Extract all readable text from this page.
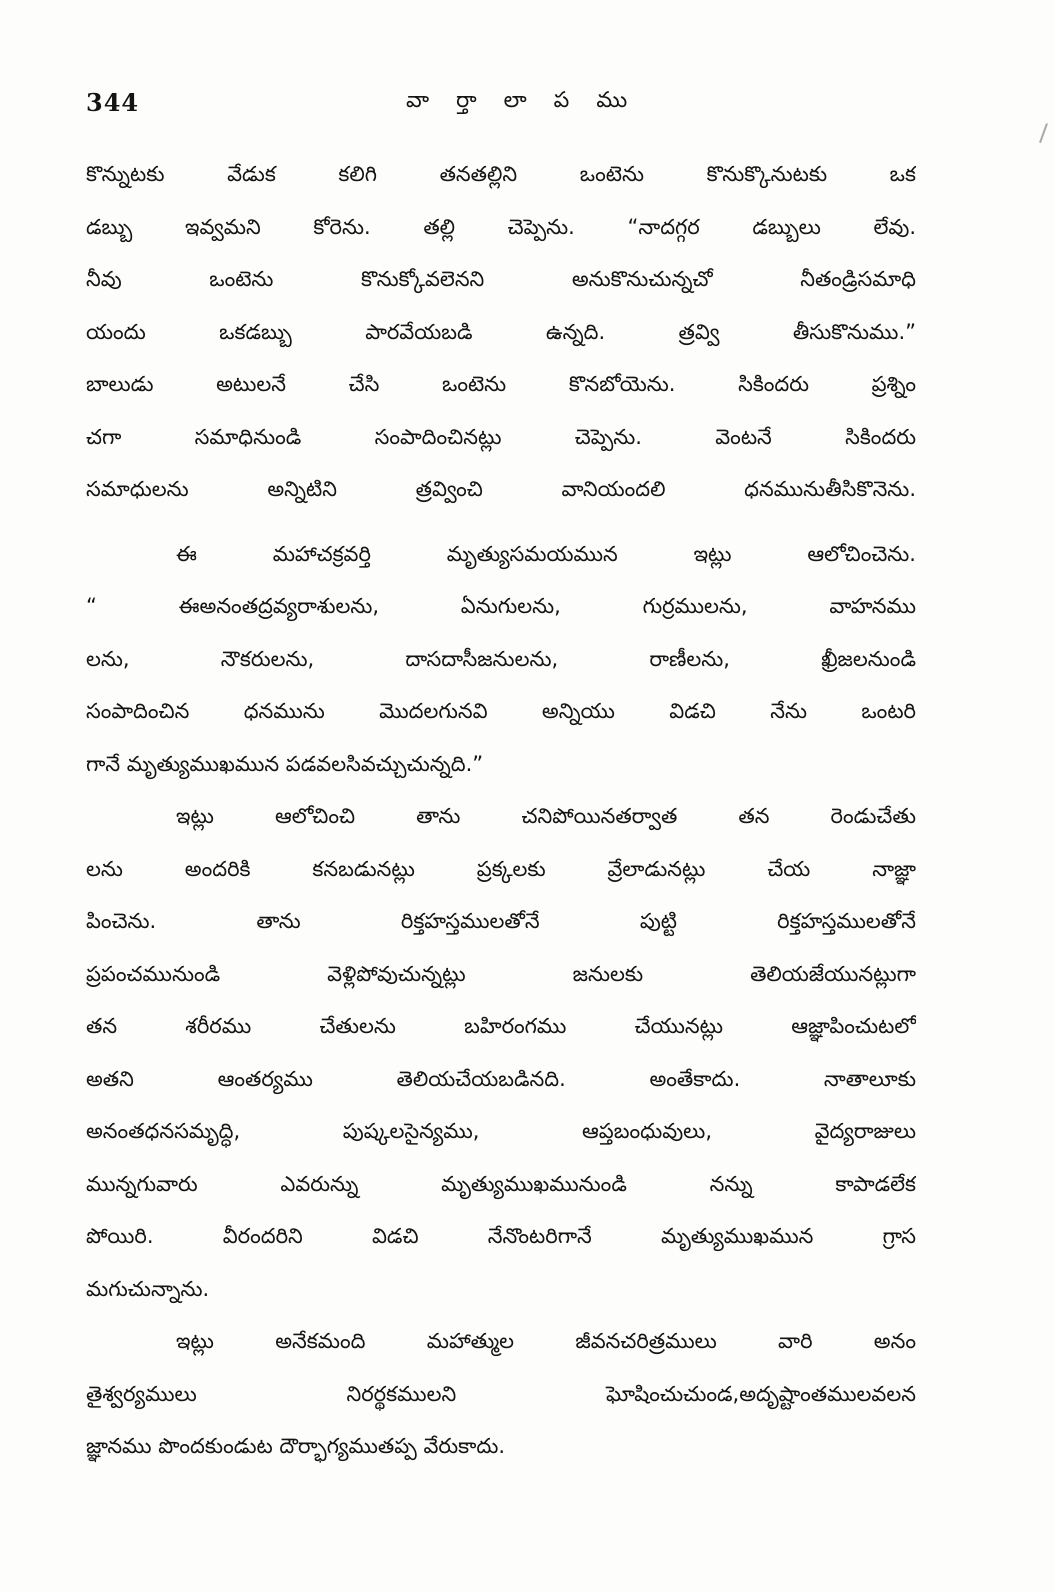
344	వా ర్తా లా ప ము
కొన్నుటకు వేడుక కలిగి తనతల్లిని ఒంటెను కొనుక్కొనుటకు ఒక
డబ్బు ఇవ్వమని కోరెను. తల్లి చెప్పెను. “నాదగ్గర డబ్బులు లేవు.
నీవు ఒంటెను కొనుక్కోవలెనని అనుకొనుచున్నచో నీతండ్రిసమాధి
యందు ఒకడబ్బు పారవేయబడి ఉన్నది. త్రవ్వి తీసుకొనుము.”
బాలుడు అటులనే చేసి ఒంటెను కొనబోయెను. సికిందరు ప్రశ్నిం
చగా సమాధినుండి సంపాదించినట్లు చెప్పెను. వెంటనే సికిందరు
సమాధులను అన్నిటిని త్రవ్వించి వానియందలి ధనమునుతీసికొనెను.
ఈ మహాచక్రవర్తి మృత్యుసమయమున ఇట్లు ఆలోచించెను.
“ ఈఅనంతద్రవ్యరాశులను, ఏనుగులను, గుర్రములను, వాహనము
లను, నౌకరులను, దాసదాసీజనులను, రాణీలను, ఖ్రీజలనుండి
సంపాదించిన ధనమును మొదలగునవి అన్నియు విడచి నేను ఒంటరి
గానే మృత్యుముఖమున పడవలసివచ్చుచున్నది.”
ఇట్లు ఆలోచించి తాను చనిపోయినతర్వాత తన రెండుచేతు
లను అందరికి కనబడునట్లు ప్రక్కలకు వ్రేలాడునట్లు చేయ నాజ్ఞా
పించెను. తాను రిక్తహస్తములతోనే పుట్టి రిక్తహస్తములతోనే
ప్రపంచమునుండి వెళ్లిపోవుచున్నట్లు జనులకు తెలియజేయునట్లుగా
తన శరీరము చేతులను బహిరంగము చేయునట్లు ఆజ్ఞాపించుటలో
అతని ఆంతర్యము తెలియచేయబడినది. అంతేకాదు. నాతాలూకు
అనంతధనసమృద్ధి, పుష్కలసైన్యము, ఆప్తబంధువులు, వైద్యరాజులు
మున్నగువారు ఎవరున్ను మృత్యుముఖమునుండి నన్ను కాపాడలేక
పోయిరి. వీరందరిని విడచి నేనొంటరిగానే మృత్యుముఖమున గ్రాస
మగుచున్నాను.
ఇట్లు అనేకమంది మహాత్ముల జీవనచరిత్రములు వారి అనం
తైశ్వర్యములు నిరర్థకములని ఘోషించుచుండ,అదృష్టాంతములవలన
జ్ఞానము పొందకుండుట దౌర్భాగ్యముతప్ప వేరుకాదు.
